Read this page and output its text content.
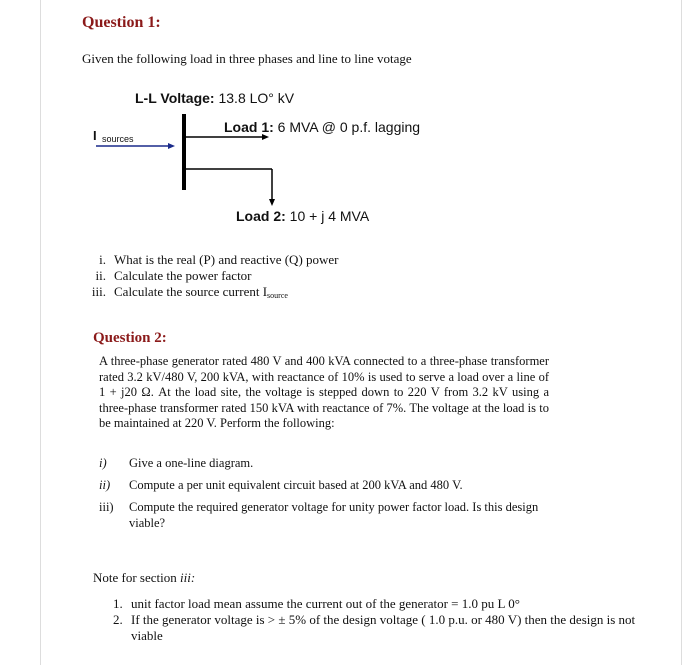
Question 1:
Given the following load in three phases and line to line votage
L-L Voltage: 13.8 LO° kV
Load 1: 6 MVA @ 0 p.f. lagging
I sources
Load 2: 10 + j 4 MVA
i. What is the real (P) and reactive (Q) power
ii. Calculate the power factor
iii. Calculate the source current $I_{source}$
Question 2:
A three-phase generator rated 480 V and 400 kVA connected to a three-phase transformer rated 3.2 kV/480 V, 200 kVA, with reactance of 10% is used to serve a load over a line of 1 + j20 Ω. At the load site, the voltage is stepped down to 220 V from 3.2 kV using a three-phase transformer rated 150 kVA with reactance of 7%. The voltage at the load is to be maintained at 220 V. Perform the following:
i) Give a one-line diagram.
ii) Compute a per unit equivalent circuit based at 200 kVA and 480 V.
iii) Compute the required generator voltage for unity power factor load. Is this design viable?
Note for section iii:
1. unit factor load mean assume the current out of the generator = 1.0 pu L 0°
2. If the generator voltage is > ± 5% of the design voltage ( 1.0 p.u. or 480 V) then the design is not viable
